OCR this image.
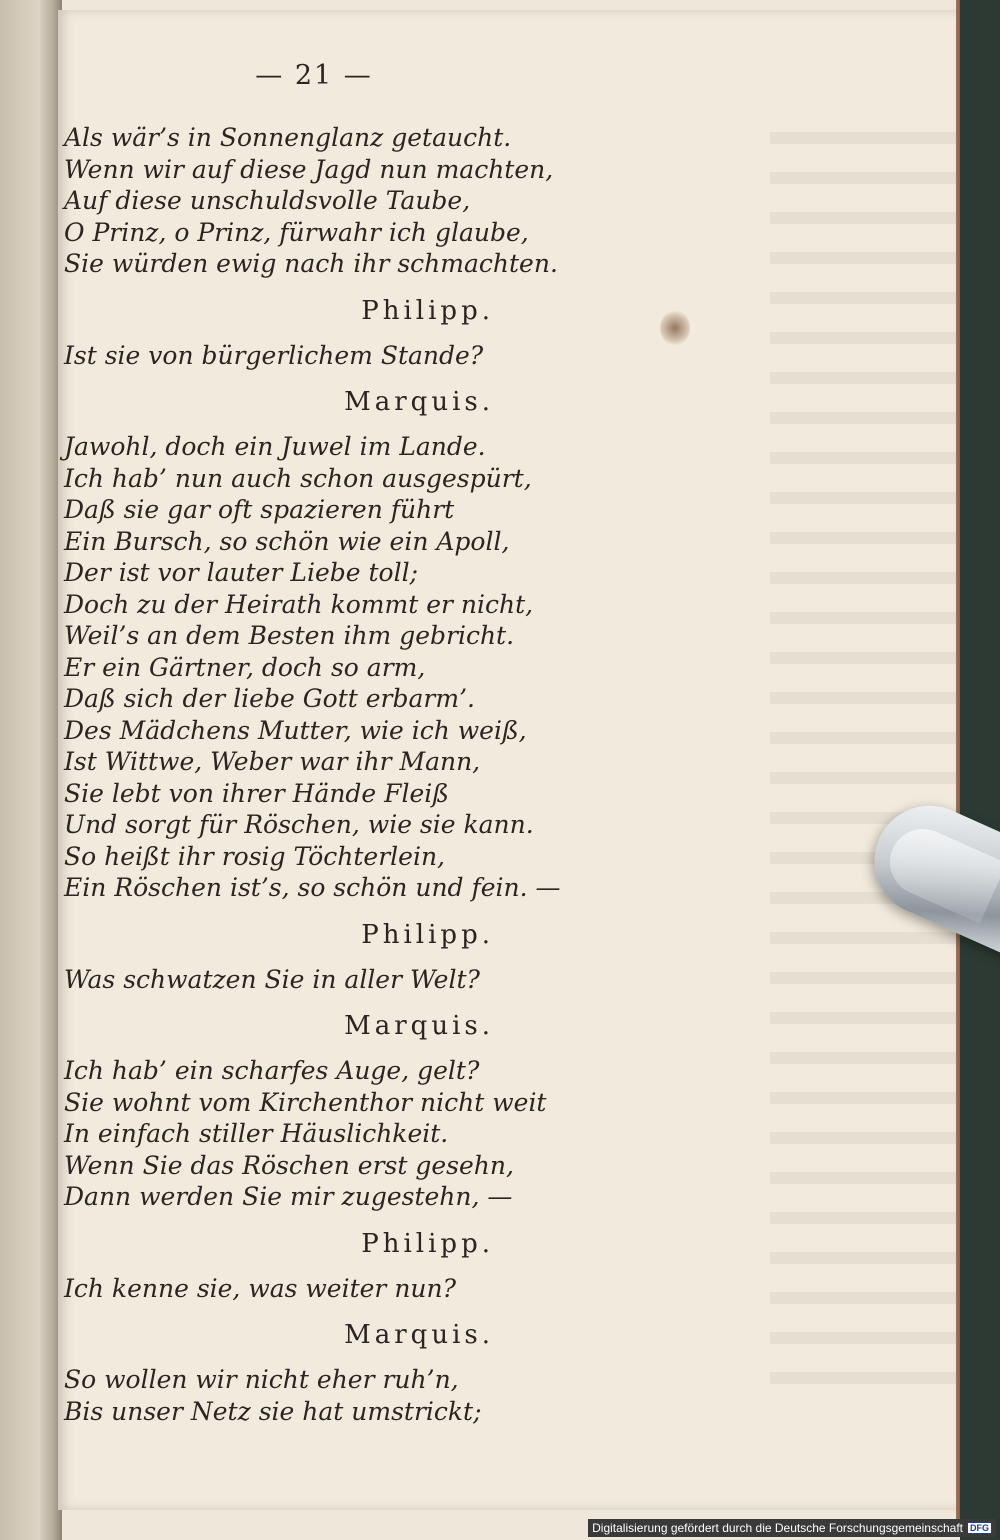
— 21 —
Als wär’s in Sonnenglanz getaucht.
Wenn wir auf diese Jagd nun machten,
Auf diese unschuldsvolle Taube,
O Prinz, o Prinz, fürwahr ich glaube,
Sie würden ewig nach ihr schmachten.
Philipp.
Ist sie von bürgerlichem Stande?
Marquis.
Jawohl, doch ein Juwel im Lande.
Ich hab’ nun auch schon ausgespürt,
Daß sie gar oft spazieren führt
Ein Bursch, so schön wie ein Apoll,
Der ist vor lauter Liebe toll;
Doch zu der Heirath kommt er nicht,
Weil’s an dem Besten ihm gebricht.
Er ein Gärtner, doch so arm,
Daß sich der liebe Gott erbarm’.
Des Mädchens Mutter, wie ich weiß,
Ist Wittwe, Weber war ihr Mann,
Sie lebt von ihrer Hände Fleiß
Und sorgt für Röschen, wie sie kann.
So heißt ihr rosig Töchterlein,
Ein Röschen ist’s, so schön und fein. —
Philipp.
Was schwatzen Sie in aller Welt?
Marquis.
Ich hab’ ein scharfes Auge, gelt?
Sie wohnt vom Kirchenthor nicht weit
In einfach stiller Häuslichkeit.
Wenn Sie das Röschen erst gesehn,
Dann werden Sie mir zugestehn, —
Philipp.
Ich kenne sie, was weiter nun?
Marquis.
So wollen wir nicht eher ruh’n,
Bis unser Netz sie hat umstrickt;
Digitalisierung gefördert durch die Deutsche Forschungsgemeinschaft DFG
